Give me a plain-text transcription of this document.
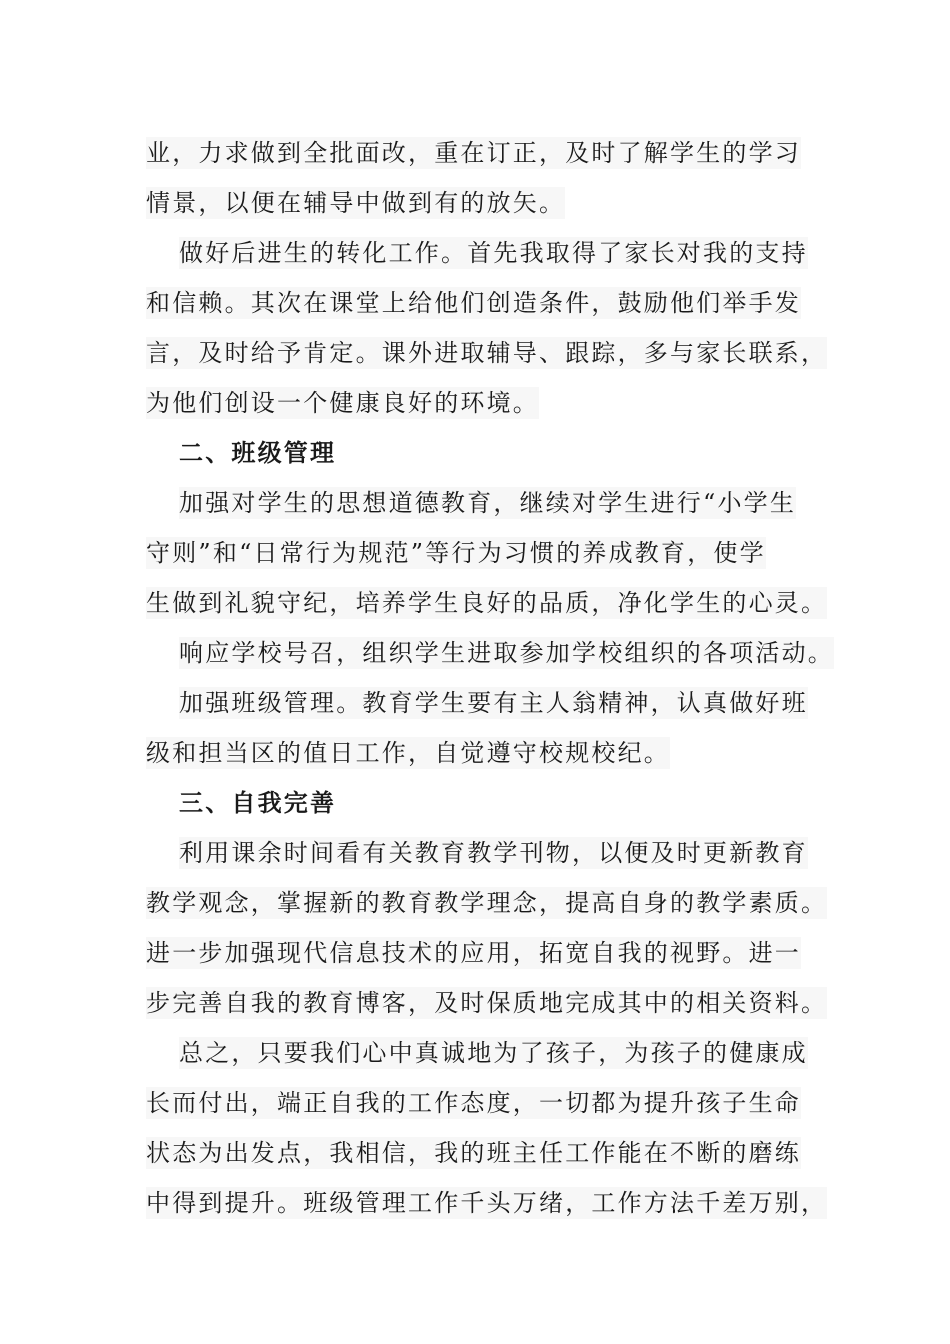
业，力求做到全批面改，重在订正，及时了解学生的学习
情景，以便在辅导中做到有的放矢。
做好后进生的转化工作。首先我取得了家长对我的支持
和信赖。其次在课堂上给他们创造条件，鼓励他们举手发
言，及时给予肯定。课外进取辅导、跟踪，多与家长联系，
为他们创设一个健康良好的环境。
二、班级管理
加强对学生的思想道德教育，继续对学生进行“小学生
守则”和“日常行为规范”等行为习惯的养成教育，使学
生做到礼貌守纪，培养学生良好的品质，净化学生的心灵。
响应学校号召，组织学生进取参加学校组织的各项活动。
加强班级管理。教育学生要有主人翁精神，认真做好班
级和担当区的值日工作，自觉遵守校规校纪。
三、自我完善
利用课余时间看有关教育教学刊物，以便及时更新教育
教学观念，掌握新的教育教学理念，提高自身的教学素质。
进一步加强现代信息技术的应用，拓宽自我的视野。进一
步完善自我的教育博客，及时保质地完成其中的相关资料。
总之，只要我们心中真诚地为了孩子，为孩子的健康成
长而付出，端正自我的工作态度，一切都为提升孩子生命
状态为出发点，我相信，我的班主任工作能在不断的磨练
中得到提升。班级管理工作千头万绪，工作方法千差万别，
